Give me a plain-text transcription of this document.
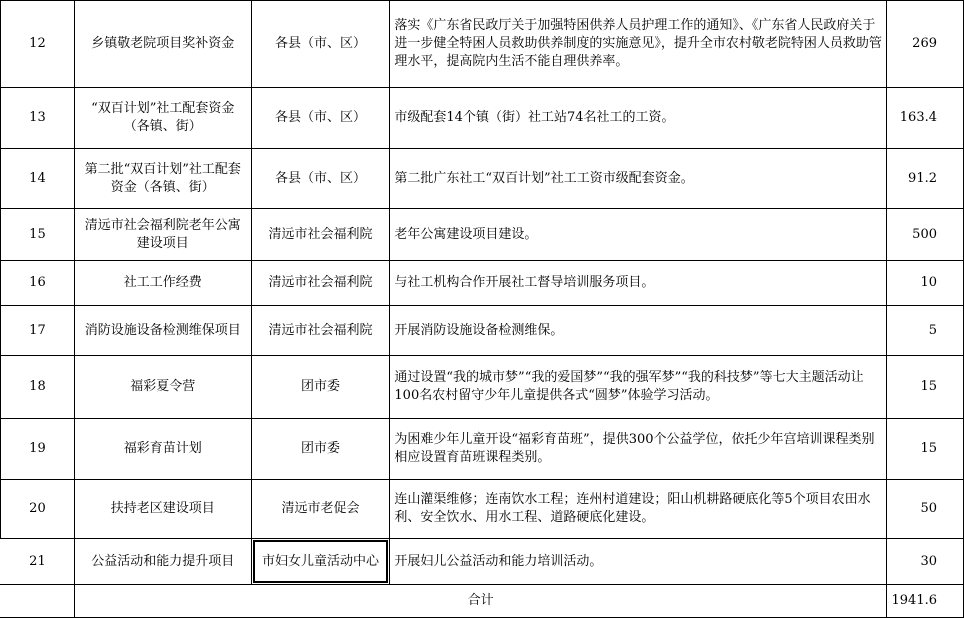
12	乡镇敬老院项目奖补资金	各县（市、区）	落实《广东省民政厅关于加强特困供养人员护理工作的通知》、《广东省人民政府关于进一步健全特困人员救助供养制度的实施意见》，提升全市农村敬老院特困人员救助管理水平，提高院内生活不能自理供养率。	269
13	“双百计划”社工配套资金（各镇、街）	各县（市、区）	市级配套14个镇（街）社工站74名社工的工资。	163.4
14	第二批“双百计划”社工配套资金（各镇、街）	各县（市、区）	第二批广东社工“双百计划”社工工资市级配套资金。	91.2
15	清远市社会福利院老年公寓建设项目	清远市社会福利院	老年公寓建设项目建设。	500
16	社工工作经费	清远市社会福利院	与社工机构合作开展社工督导培训服务项目。	10
17	消防设施设备检测维保项目	清远市社会福利院	开展消防设施设备检测维保。	5
18	福彩夏令营	团市委	通过设置“我的城市梦”“我的爱国梦”“我的强军梦”“我的科技梦”等七大主题活动让100名农村留守少年儿童提供各式“圆梦”体验学习活动。	15
19	福彩育苗计划	团市委	为困难少年儿童开设“福彩育苗班”，提供300个公益学位，依托少年宫培训课程类别相应设置育苗班课程类别。	15
20	扶持老区建设项目	清远市老促会	连山灌渠维修；连南饮水工程；连州村道建设；阳山机耕路硬底化等5个项目农田水利、安全饮水、用水工程、道路硬底化建设。	50
21	公益活动和能力提升项目	市妇女儿童活动中心	开展妇儿公益活动和能力培训活动。	30
	合计			1941.6
